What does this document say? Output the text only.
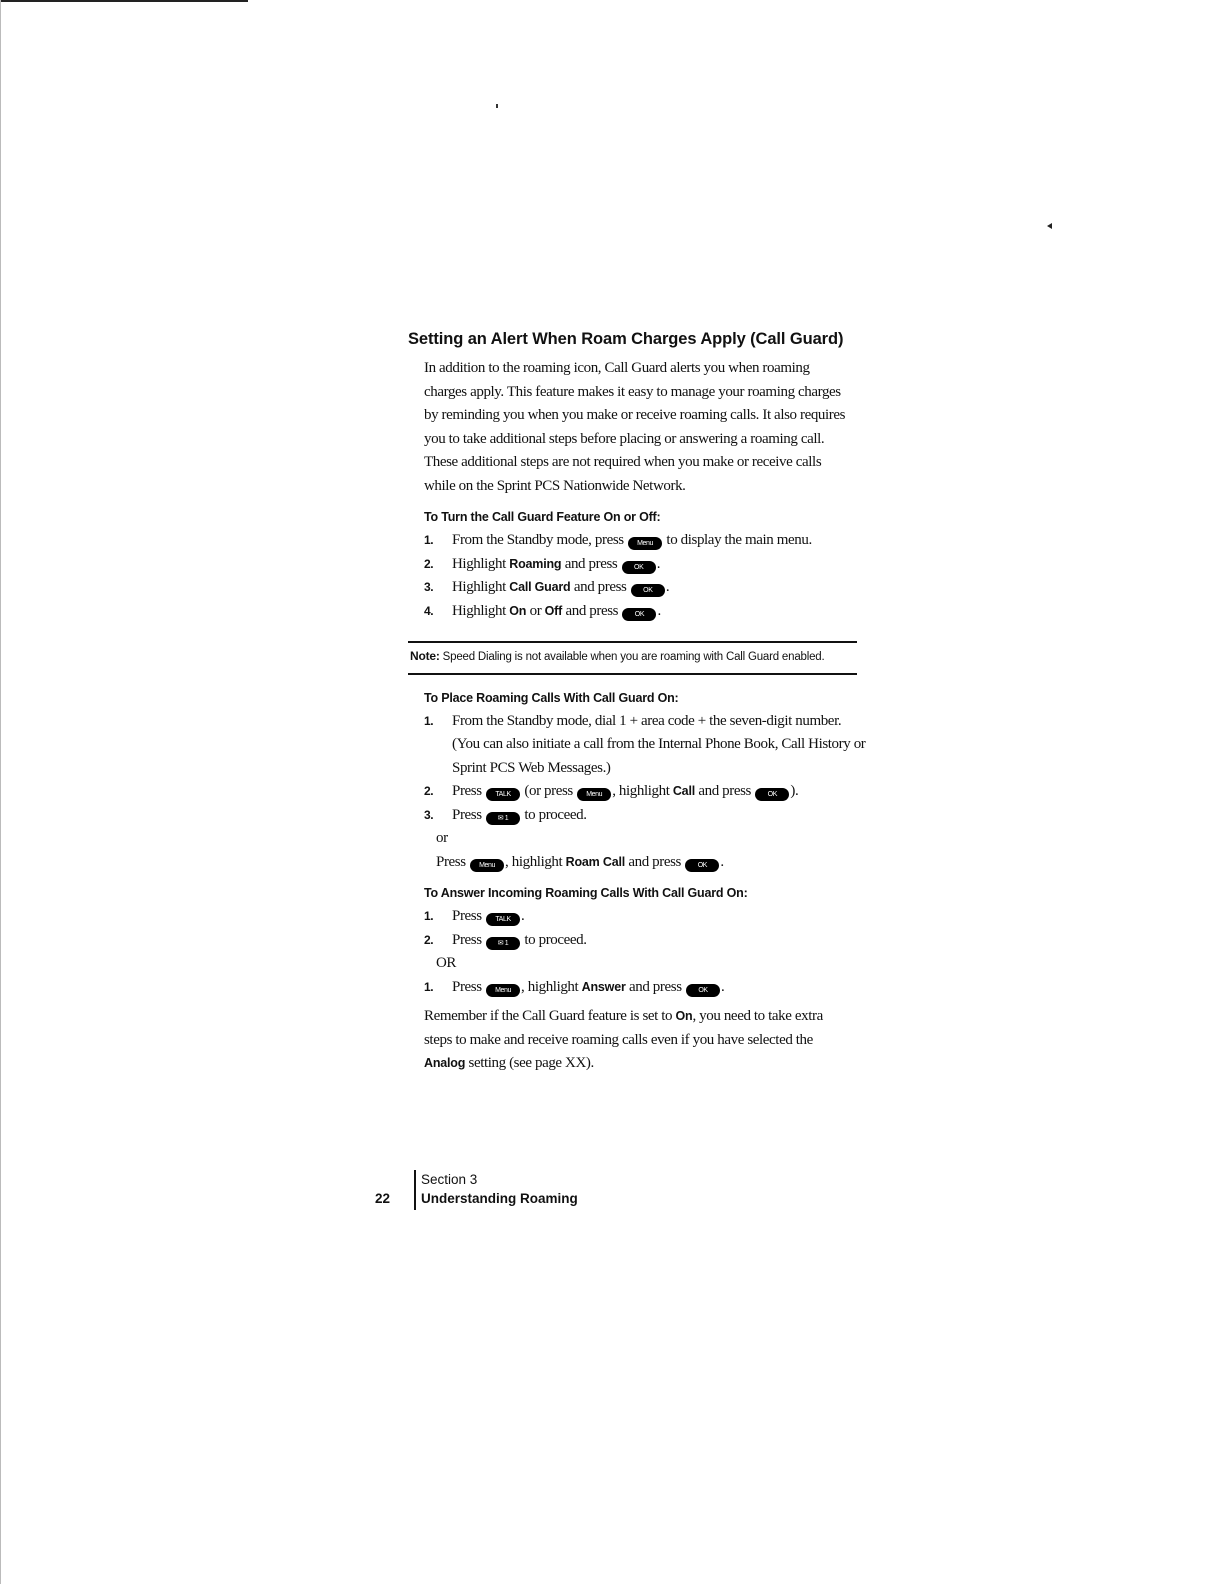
Setting an Alert When Roam Charges Apply (Call Guard)

In addition to the roaming icon, Call Guard alerts you when roaming charges apply. This feature makes it easy to manage your roaming charges by reminding you when you make or receive roaming calls. It also requires you to take additional steps before placing or answering a roaming call. These additional steps are not required when you make or receive calls while on the Sprint PCS Nationwide Network.

To Turn the Call Guard Feature On or Off:
1. From the Standby mode, press Menu to display the main menu.
2. Highlight Roaming and press OK .
3. Highlight Call Guard and press OK .
4. Highlight On or Off and press OK .
Note: Speed Dialing is not available when you are roaming with Call Guard enabled.
To Place Roaming Calls With Call Guard On:
1. From the Standby mode, dial 1 + area code + the seven-digit number. (You can also initiate a call from the Internal Phone Book, Call History or Sprint PCS Web Messages.)
2. Press TALK (or press Menu , highlight Call and press OK ).
3. Press ✉ 1 to proceed.
or
Press Menu , highlight Roam Call and press OK .
To Answer Incoming Roaming Calls With Call Guard On:
1. Press TALK .
2. Press ✉ 1 to proceed.
OR
1. Press Menu , highlight Answer and press OK .

Remember if the Call Guard feature is set to On, you need to take extra steps to make and receive roaming calls even if you have selected the Analog setting (see page XX).

22
Section 3
Understanding Roaming
